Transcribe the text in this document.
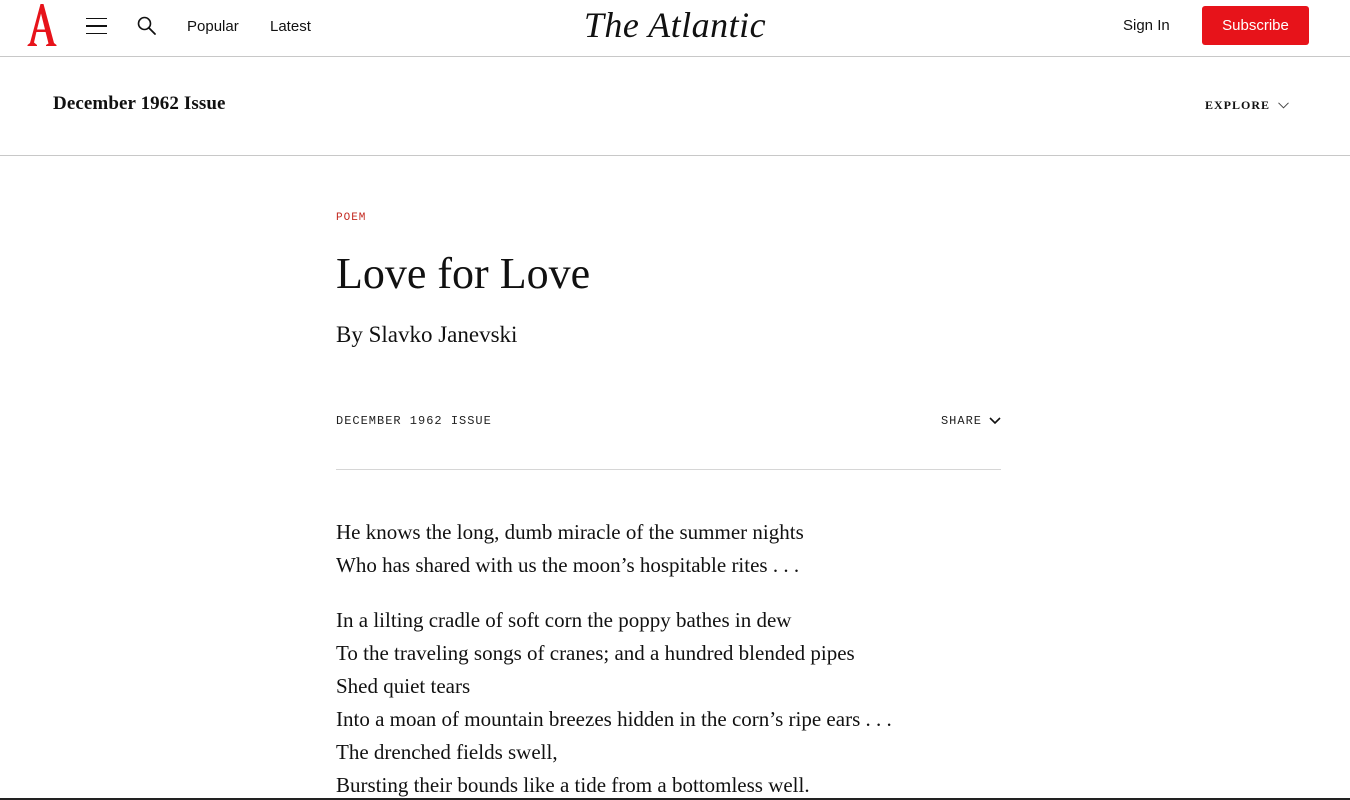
Popular Latest	The Atlantic	Sign In	Subscribe
December 1962 Issue	EXPLORE
POEM
Love for Love
By Slavko Janevski
DECEMBER 1962 ISSUE	SHARE

He knows the long, dumb miracle of the summer nights

Who has shared with us the moon’s hospitable rites . . .

In a lilting cradle of soft corn the poppy bathes in dew

To the traveling songs of cranes; and a hundred blended pipes

Shed quiet tears

Into a moan of mountain breezes hidden in the corn’s ripe ears . . .

The drenched fields swell,

Bursting their bounds like a tide from a bottomless well.
